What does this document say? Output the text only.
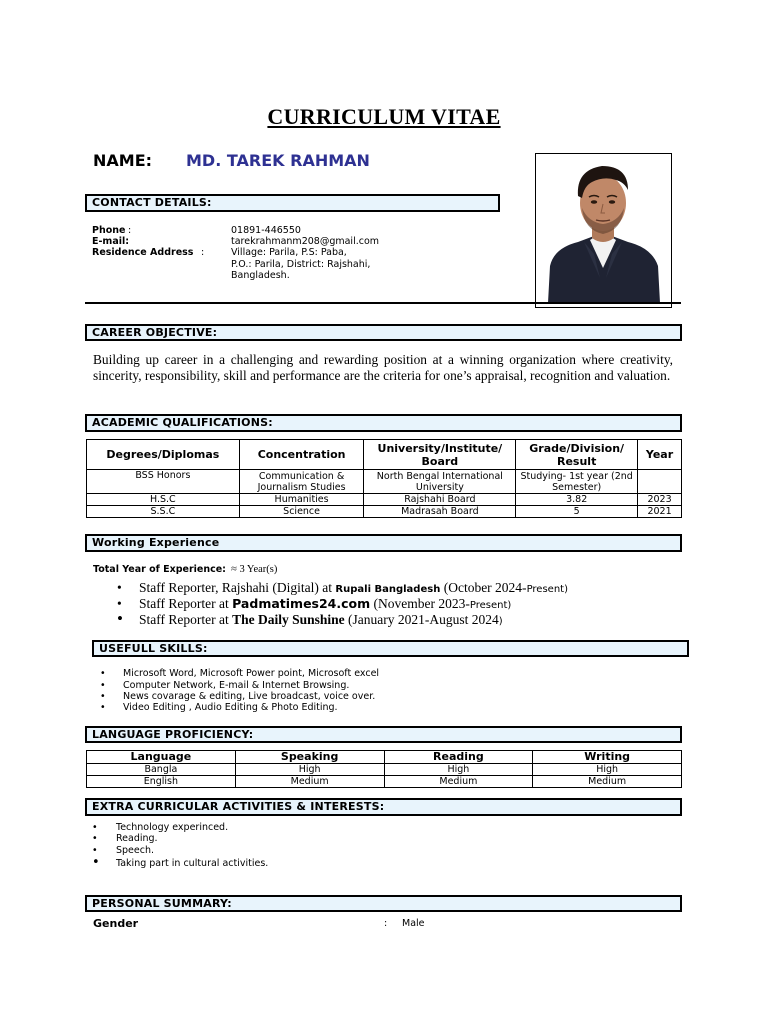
CURRICULUM VITAE
NAME: MD. TAREK RAHMAN
CONTACT DETAILS:
Phone :	01891-446550
E-mail:	tarekrahmanm208@gmail.com
Residence Address :	Village: Parila, P.S: Paba,
P.O.: Parila, District: Rajshahi,
Bangladesh.
CAREER OBJECTIVE:
Building up career in a challenging and rewarding position at a winning organization where creativity, sincerity, responsibility, skill and performance are the criteria for one’s appraisal, recognition and valuation.
ACADEMIC QUALIFICATIONS:
Degrees/Diplomas	Concentration	University/Institute/ Board	Grade/Division/ Result	Year
BSS Honors	Communication & Journalism Studies	North Bengal International University	Studying- 1st year (2nd Semester)	
H.S.C	Humanities	Rajshahi Board	3.82	2023
S.S.C	Science	Madrasah Board	5	2021
Working Experience
Total Year of Experience: ≈ 3 Year(s)
• Staff Reporter, Rajshahi (Digital) at Rupali Bangladesh (October 2024-Present)
• Staff Reporter at Padmatimes24.com (November 2023-Present)
• Staff Reporter at The Daily Sunshine (January 2021-August 2024)
USEFULL SKILLS:
• Microsoft Word, Microsoft Power point, Microsoft excel
• Computer Network, E-mail & Internet Browsing.
• News covarage & editing, Live broadcast, voice over.
• Video Editing , Audio Editing & Photo Editing.
LANGUAGE PROFICIENCY:
Language	Speaking	Reading	Writing
Bangla	High	High	High
English	Medium	Medium	Medium
EXTRA CURRICULAR ACTIVITIES & INTERESTS:
• Technology experinced.
• Reading.
• Speech.
• Taking part in cultural activities.
PERSONAL SUMMARY:
Gender	: Male
